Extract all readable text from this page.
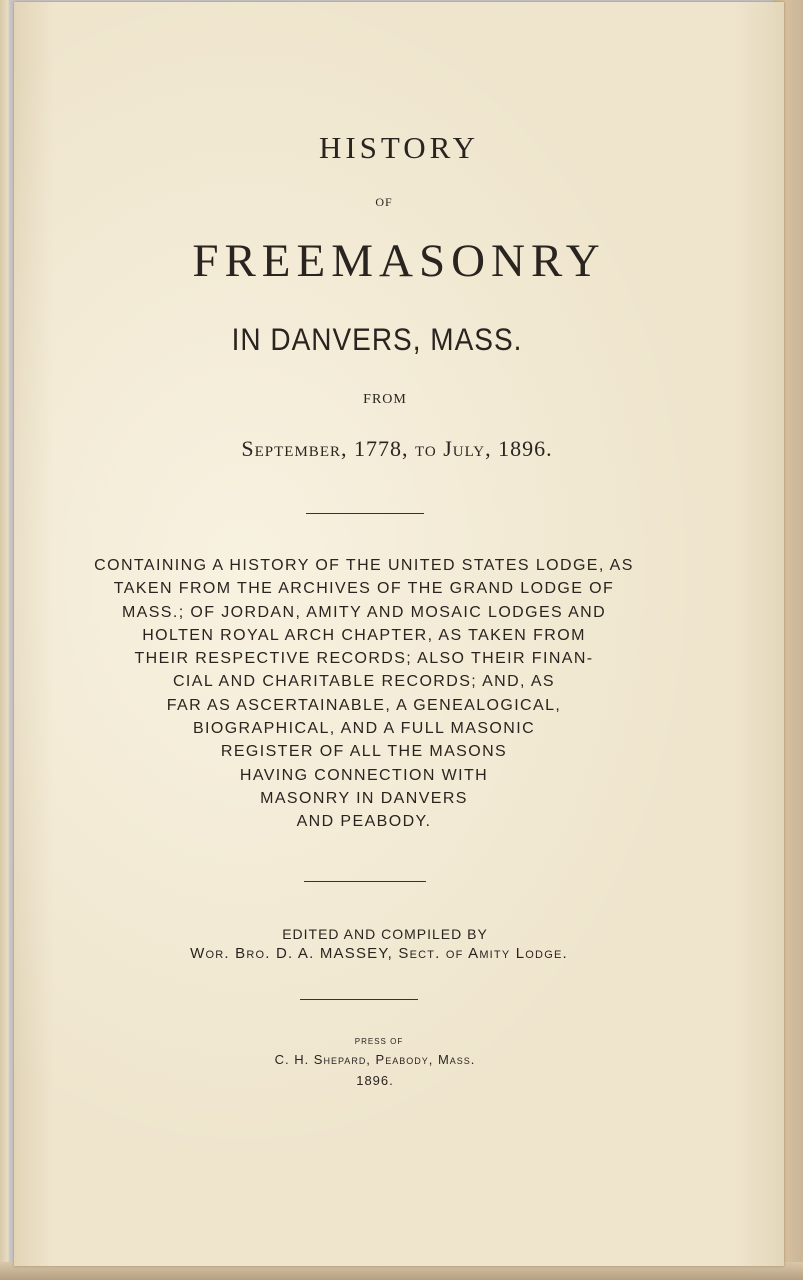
HISTORY
OF
FREEMASONRY
IN DANVERS, MASS.
FROM
September, 1778, to July, 1896.
CONTAINING A HISTORY OF THE UNITED STATES LODGE, AS
TAKEN FROM THE ARCHIVES OF THE GRAND LODGE OF
MASS.; OF JORDAN, AMITY AND MOSAIC LODGES AND
HOLTEN ROYAL ARCH CHAPTER, AS TAKEN FROM
THEIR RESPECTIVE RECORDS; ALSO THEIR FINAN-
CIAL AND CHARITABLE RECORDS; AND, AS
FAR AS ASCERTAINABLE, A GENEALOGICAL,
BIOGRAPHICAL, AND A FULL MASONIC
REGISTER OF ALL THE MASONS
HAVING CONNECTION WITH
MASONRY IN DANVERS
AND PEABODY.
EDITED AND COMPILED BY
Wor. Bro. D. A. MASSEY, Sect. of Amity Lodge.
PRESS OF
C. H. Shepard, Peabody, Mass.
1896.
